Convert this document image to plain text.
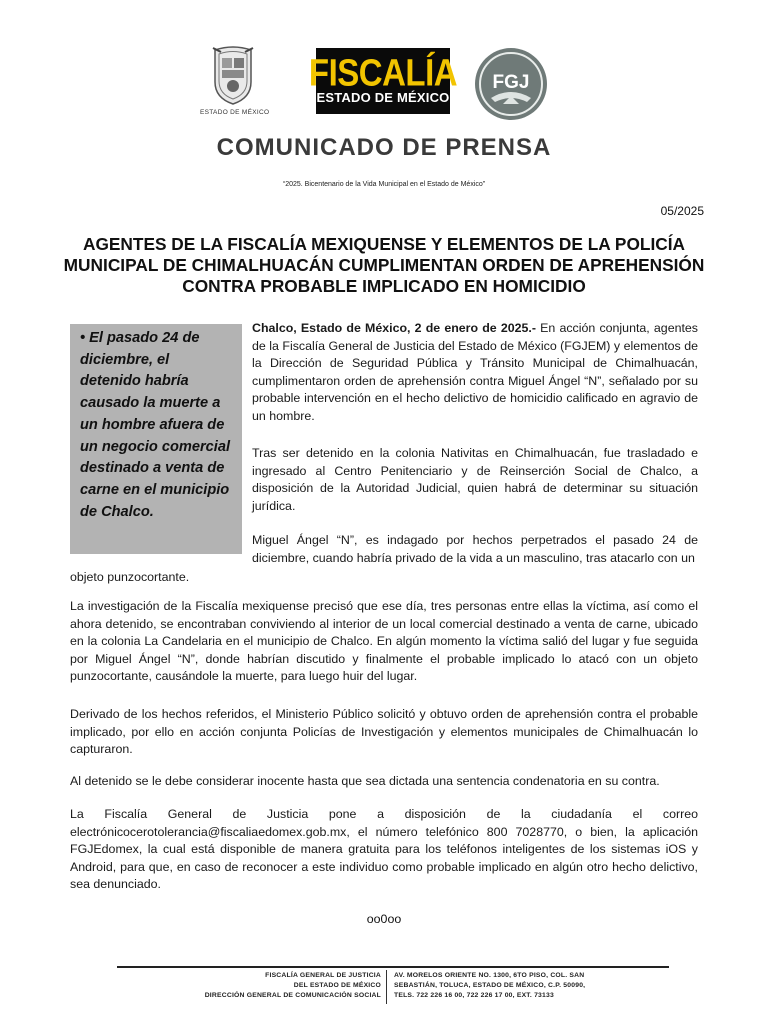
ESTADO DE MÉXICO
FISCALÍA
ESTADO DE MÉXICO
FGJ
COMUNICADO DE PRENSA
“2025. Bicentenario de la Vida Municipal en el Estado de México”
05/2025
AGENTES DE LA FISCALÍA MEXIQUENSE Y ELEMENTOS DE LA POLICÍA MUNICIPAL DE CHIMALHUACÁN CUMPLIMENTAN ORDEN DE APREHENSIÓN CONTRA PROBABLE IMPLICADO EN HOMICIDIO
• El pasado 24 de diciembre, el detenido habría causado la muerte a un hombre afuera de un negocio comercial destinado a venta de carne en el municipio de Chalco.
Chalco, Estado de México, 2 de enero de 2025.- En acción conjunta, agentes de la Fiscalía General de Justicia del Estado de México (FGJEM) y elementos de la Dirección de Seguridad Pública y Tránsito Municipal de Chimalhuacán, cumplimentaron orden de aprehensión contra Miguel Ángel “N”, señalado por su probable intervención en el hecho delictivo de homicidio calificado en agravio de un hombre.
Tras ser detenido en la colonia Nativitas en Chimalhuacán, fue trasladado e ingresado al Centro Penitenciario y de Reinserción Social de Chalco, a disposición de la Autoridad Judicial, quien habrá de determinar su situación jurídica.
Miguel Ángel “N”, es indagado por hechos perpetrados el pasado 24 de diciembre, cuando habría privado de la vida a un masculino, tras atacarlo con un
objeto punzocortante.
La investigación de la Fiscalía mexiquense precisó que ese día, tres personas entre ellas la víctima, así como el ahora detenido, se encontraban conviviendo al interior de un local comercial destinado a venta de carne, ubicado en la colonia La Candelaria en el municipio de Chalco. En algún momento la víctima salió del lugar y fue seguida por Miguel Ángel “N”, donde habrían discutido y finalmente el probable implicado lo atacó con un objeto punzocortante, causándole la muerte, para luego huir del lugar.
Derivado de los hechos referidos, el Ministerio Público solicitó y obtuvo orden de aprehensión contra el probable implicado, por ello en acción conjunta Policías de Investigación y elementos municipales de Chimalhuacán lo capturaron.
Al detenido se le debe considerar inocente hasta que sea dictada una sentencia condenatoria en su contra.
La Fiscalía General de Justicia pone a disposición de la ciudadanía el correo electrónicocerotolerancia@fiscaliaedomex.gob.mx, el número telefónico 800 7028770, o bien, la aplicación FGJEdomex, la cual está disponible de manera gratuita para los teléfonos inteligentes de los sistemas iOS y Android, para que, en caso de reconocer a este individuo como probable implicado en algún otro hecho delictivo, sea denunciado.
oo0oo
FISCALÍA GENERAL DE JUSTICIA
DEL ESTADO DE MÉXICO
DIRECCIÓN GENERAL DE COMUNICACIÓN SOCIAL
AV. MORELOS ORIENTE NO. 1300, 6TO PISO, COL. SAN
SEBASTIÁN, TOLUCA, ESTADO DE MÉXICO, C.P. 50090,
TELS. 722 226 16 00, 722 226 17 00, EXT. 73133
